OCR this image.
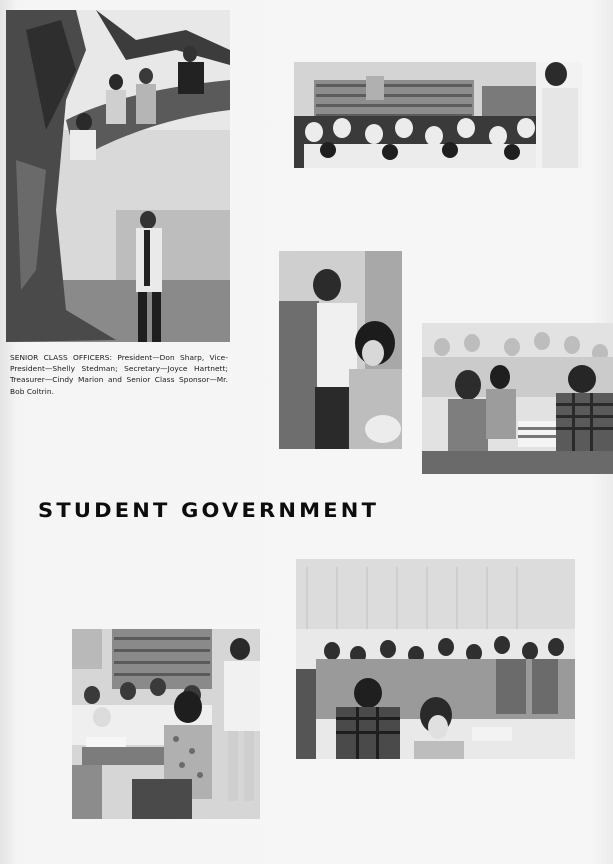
SENIOR CLASS OFFICERS: President—Don Sharp, Vice-President—Shelly Stedman; Secretary—Joyce Hartnett; Treasurer—Cindy Marion and Senior Class Sponsor—Mr. Bob Coltrin.
STUDENT GOVERNMENT
